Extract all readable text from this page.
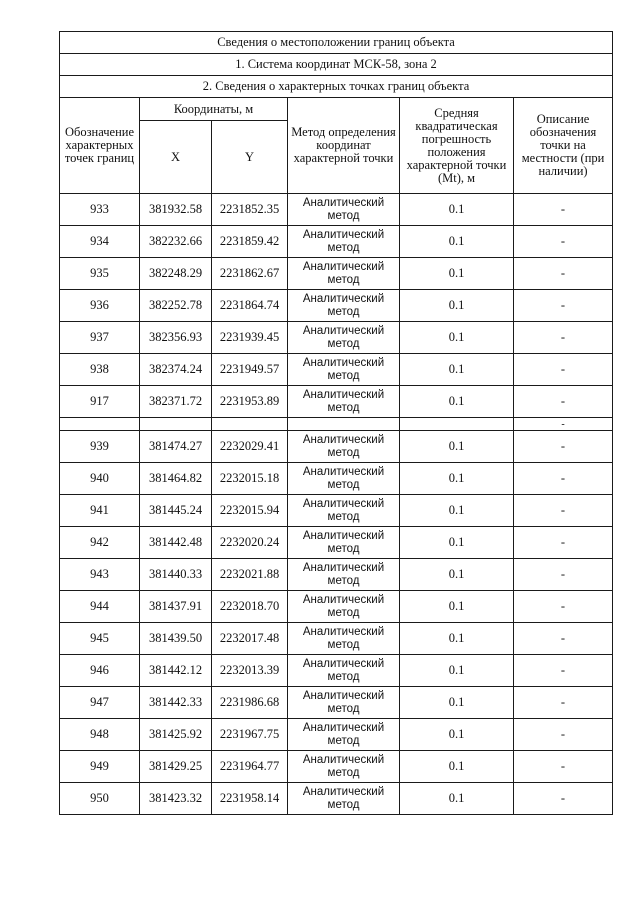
Сведения о местоположении границ объекта					
1. Система координат МСК-58, зона 2					
2. Сведения о характерных точках границ объекта					
Обозначение характерных точек границ	Координаты, м		Метод определения координат характерной точки	Средняя квадратическая погрешность положения характерной точки (Mt), м	Описание обозначения точки на местности (при наличии)
	X	Y			
933	381932.58	2231852.35	Аналитический метод	0.1	-
934	382232.66	2231859.42	Аналитический метод	0.1	-
935	382248.29	2231862.67	Аналитический метод	0.1	-
936	382252.78	2231864.74	Аналитический метод	0.1	-
937	382356.93	2231939.45	Аналитический метод	0.1	-
938	382374.24	2231949.57	Аналитический метод	0.1	-
917	382371.72	2231953.89	Аналитический метод	0.1	-
					-
939	381474.27	2232029.41	Аналитический метод	0.1	-
940	381464.82	2232015.18	Аналитический метод	0.1	-
941	381445.24	2232015.94	Аналитический метод	0.1	-
942	381442.48	2232020.24	Аналитический метод	0.1	-
943	381440.33	2232021.88	Аналитический метод	0.1	-
944	381437.91	2232018.70	Аналитический метод	0.1	-
945	381439.50	2232017.48	Аналитический метод	0.1	-
946	381442.12	2232013.39	Аналитический метод	0.1	-
947	381442.33	2231986.68	Аналитический метод	0.1	-
948	381425.92	2231967.75	Аналитический метод	0.1	-
949	381429.25	2231964.77	Аналитический метод	0.1	-
950	381423.32	2231958.14	Аналитический метод	0.1	-
